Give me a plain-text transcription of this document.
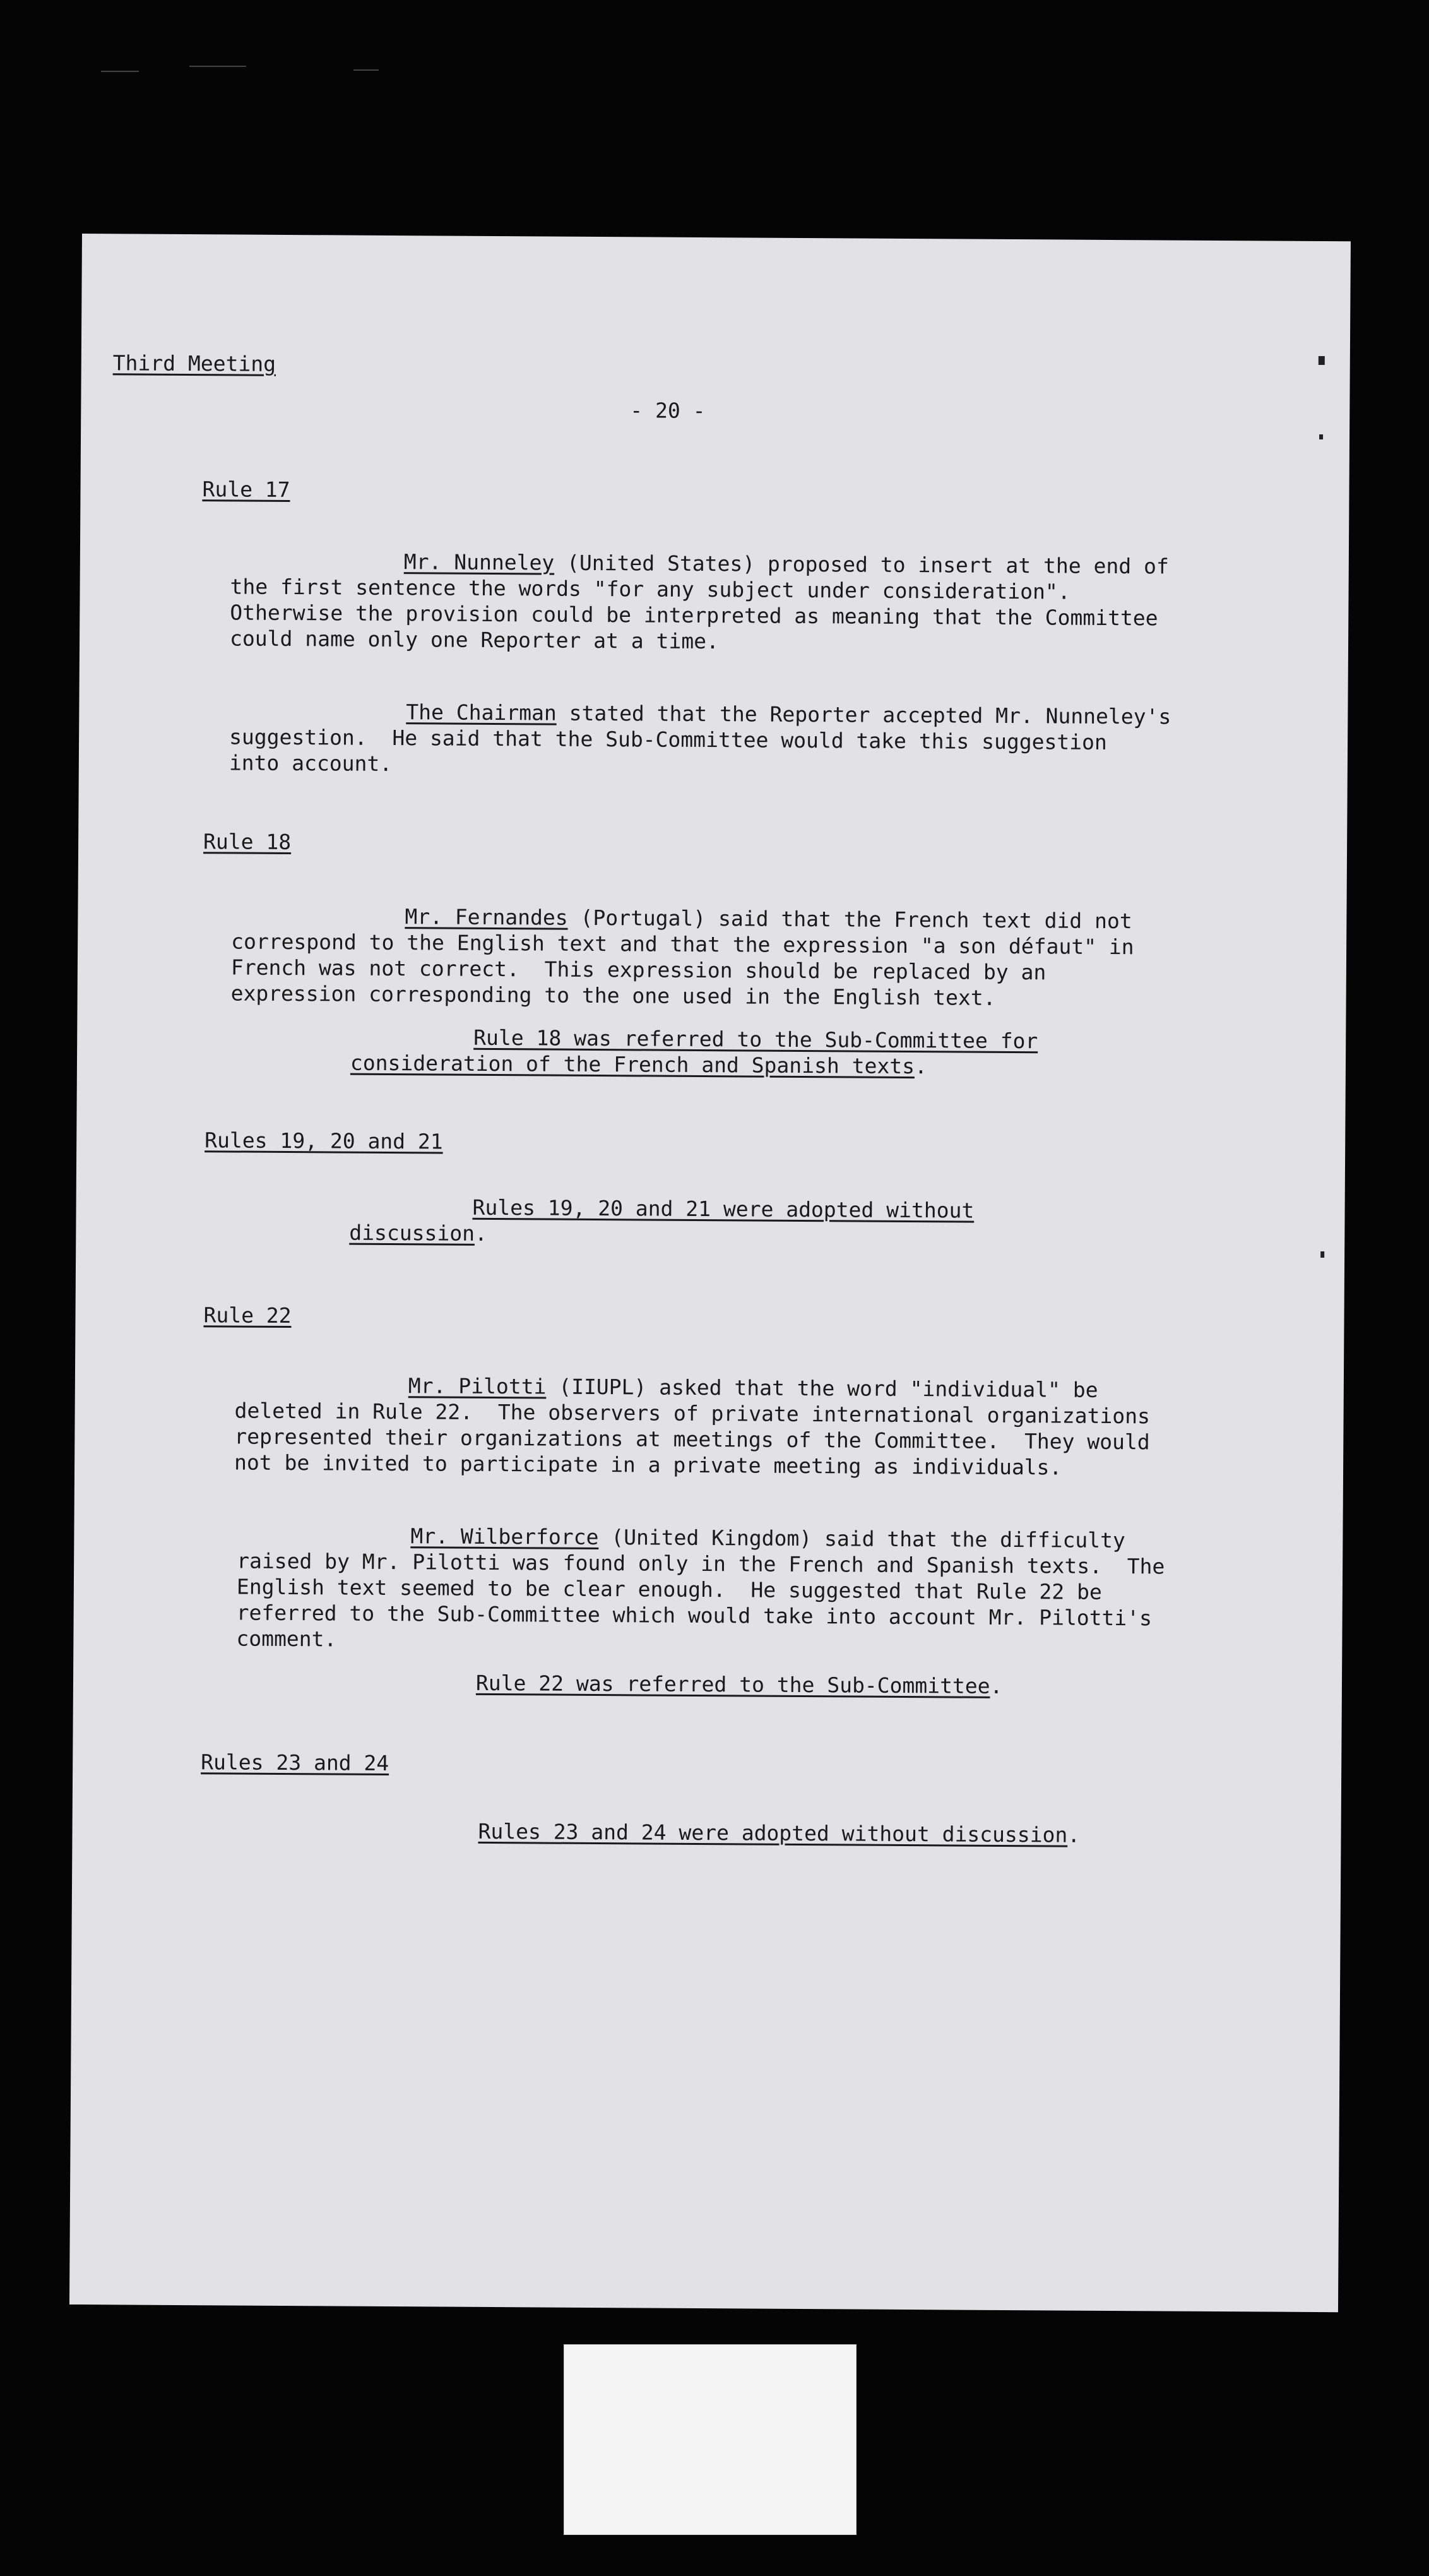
Third Meeting
- 20 -
Rule 17
Mr. Nunneley (United States) proposed to insert at the end of
the first sentence the words "for any subject under consideration".
Otherwise the provision could be interpreted as meaning that the Committee
could name only one Reporter at a time.
The Chairman stated that the Reporter accepted Mr. Nunneley's
suggestion.  He said that the Sub-Committee would take this suggestion
into account.
Rule 18
Mr. Fernandes (Portugal) said that the French text did not
correspond to the English text and that the expression "a son défaut" in
French was not correct.  This expression should be replaced by an
expression corresponding to the one used in the English text.
Rule 18 was referred to the Sub-Committee for
consideration of the French and Spanish texts.
Rules 19, 20 and 21
Rules 19, 20 and 21 were adopted without
discussion.
Rule 22
Mr. Pilotti (IIUPL) asked that the word "individual" be
deleted in Rule 22.  The observers of private international organizations
represented their organizations at meetings of the Committee.  They would
not be invited to participate in a private meeting as individuals.
Mr. Wilberforce (United Kingdom) said that the difficulty
raised by Mr. Pilotti was found only in the French and Spanish texts.  The
English text seemed to be clear enough.  He suggested that Rule 22 be
referred to the Sub-Committee which would take into account Mr. Pilotti's
comment.
Rule 22 was referred to the Sub-Committee.
Rules 23 and 24
Rules 23 and 24 were adopted without discussion.
